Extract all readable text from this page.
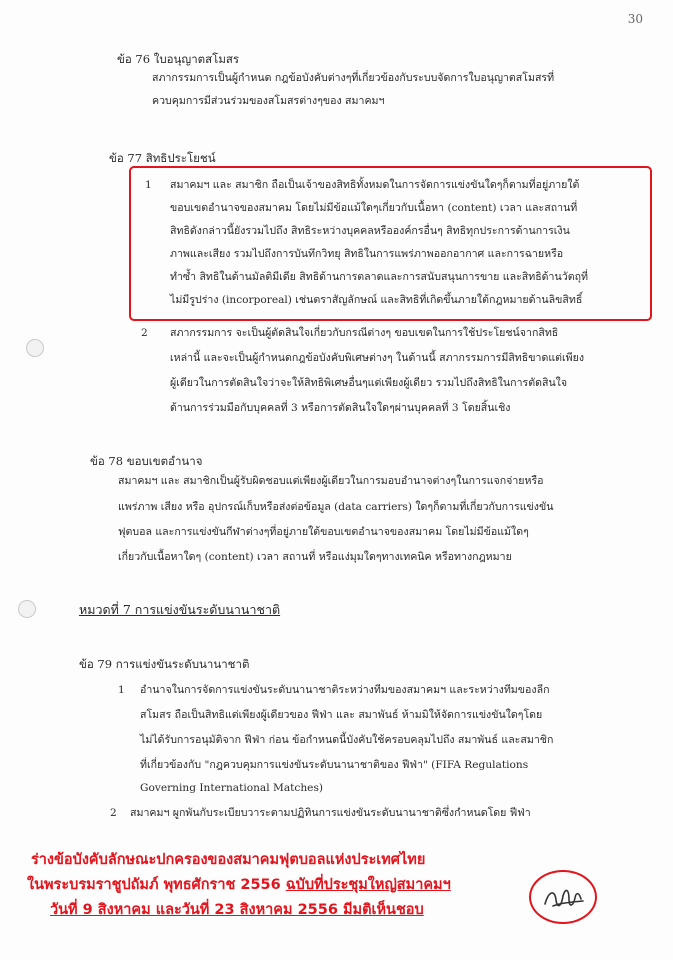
30
ข้อ 76 ใบอนุญาตสโมสร
สภากรรมการเป็นผู้กำหนด กฎข้อบังคับต่างๆที่เกี่ยวข้องกับระบบจัดการใบอนุญาตสโมสรที่
ควบคุมการมีส่วนร่วมของสโมสรต่างๆของ สมาคมฯ
ข้อ 77 สิทธิประโยชน์
1 สมาคมฯ และ สมาชิก ถือเป็นเจ้าของสิทธิทั้งหมดในการจัดการแข่งขันใดๆก็ตามที่อยู่ภายใต้
ขอบเขตอำนาจของสมาคม โดยไม่มีข้อแม้ใดๆเกี่ยวกับเนื้อหา (content) เวลา และสถานที่
สิทธิดังกล่าวนี้ยังรวมไปถึง สิทธิระหว่างบุคคลหรือองค์กรอื่นๆ สิทธิทุกประการด้านการเงิน
ภาพและเสียง รวมไปถึงการบันทึกวิทยุ สิทธิในการแพร่ภาพออกอากาศ และการฉายหรือ
ทำซ้ำ สิทธิในด้านมัลติมีเดีย สิทธิด้านการตลาดและการสนับสนุนการขาย และสิทธิด้านวัตถุที่
ไม่มีรูปร่าง (incorporeal) เช่นตราสัญลักษณ์ และสิทธิที่เกิดขึ้นภายใต้กฎหมายด้านลิขสิทธิ์
2 สภากรรมการ จะเป็นผู้ตัดสินใจเกี่ยวกับกรณีต่างๆ ขอบเขตในการใช้ประโยชน์จากสิทธิ
เหล่านี้ และจะเป็นผู้กำหนดกฎข้อบังคับพิเศษต่างๆ ในด้านนี้ สภากรรมการมีสิทธิขาดแต่เพียง
ผู้เดียวในการตัดสินใจว่าจะให้สิทธิพิเศษอื่นๆแต่เพียงผู้เดียว รวมไปถึงสิทธิในการตัดสินใจ
ด้านการร่วมมือกับบุคคลที่ 3 หรือการตัดสินใจใดๆผ่านบุคคลที่ 3 โดยสิ้นเชิง
ข้อ 78 ขอบเขตอำนาจ
สมาคมฯ และ สมาชิกเป็นผู้รับผิดชอบแต่เพียงผู้เดียวในการมอบอำนาจต่างๆในการแจกจ่ายหรือ
แพร่ภาพ เสียง หรือ อุปกรณ์เก็บหรือส่งต่อข้อมูล (data carriers) ใดๆก็ตามที่เกี่ยวกับการแข่งขัน
ฟุตบอล และการแข่งขันกีฬาต่างๆที่อยู่ภายใต้ขอบเขตอำนาจของสมาคม โดยไม่มีข้อแม้ใดๆ
เกี่ยวกับเนื้อหาใดๆ (content) เวลา สถานที่ หรือแง่มุมใดๆทางเทคนิค หรือทางกฎหมาย
หมวดที่ 7 การแข่งขันระดับนานาชาติ
ข้อ 79 การแข่งขันระดับนานาชาติ
1 อำนาจในการจัดการแข่งขันระดับนานาชาติระหว่างทีมของสมาคมฯ และระหว่างทีมของลีก
สโมสร ถือเป็นสิทธิแต่เพียงผู้เดียวของ ฟีฟ่า และ สมาพันธ์ ห้ามมิให้จัดการแข่งขันใดๆโดย
ไม่ได้รับการอนุมัติจาก ฟีฟ่า ก่อน ข้อกำหนดนี้บังคับใช้ครอบคลุมไปถึง สมาพันธ์ และสมาชิก
ที่เกี่ยวข้องกับ "กฎควบคุมการแข่งขันระดับนานาชาติของ ฟีฟ่า" (FIFA Regulations
Governing International Matches)
2 สมาคมฯ ผูกพันกับระเบียบวาระตามปฏิทินการแข่งขันระดับนานาชาติซึ่งกำหนดโดย ฟีฟ่า
ร่างข้อบังคับลักษณะปกครองของสมาคมฟุตบอลแห่งประเทศไทย
ในพระบรมราชูปถัมภ์ พุทธศักราช 2556 ฉบับที่ประชุมใหญ่สมาคมฯ
วันที่ 9 สิงหาคม และวันที่ 23 สิงหาคม 2556 มีมติเห็นชอบ
